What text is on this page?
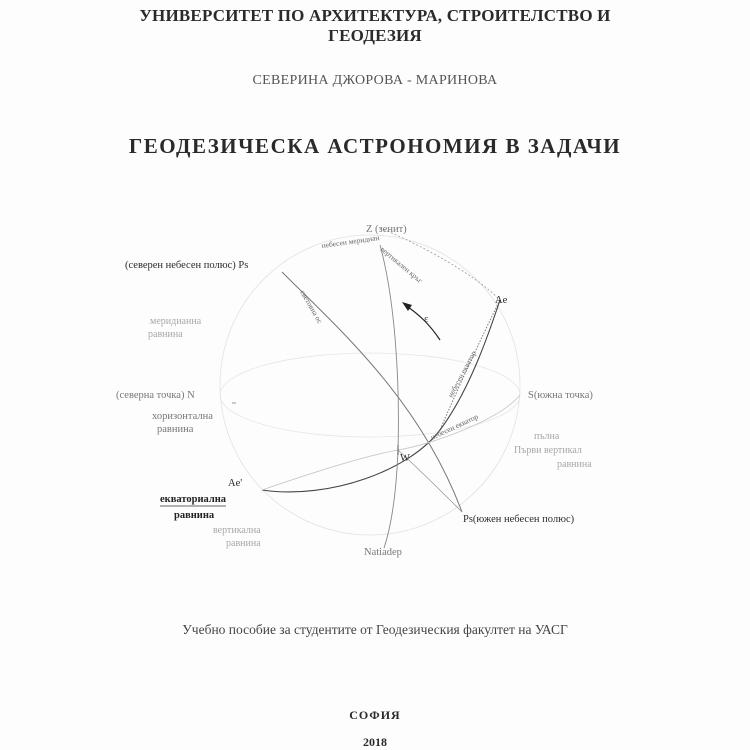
УНИВЕРСИТЕТ ПО АРХИТЕКТУРА, СТРОИТЕЛСТВО И
ГЕОДЕЗИЯ
СЕВЕРИНА ДЖОРОВА - МАРИНОВА
ГЕОДЕЗИЧЕСКА АСТРОНОМИЯ В ЗАДАЧИ
Z (зенит)
(северен небесен полюс) Ps
Ae
ε
меридианна
равнина
(северна точка) N	S(южна точка)
хоризонтална
равнина
W
пълна
Първи вертикал
равнина
Ae'
екваториална
равнина	Ps(южен небесен полюс)
вертикална
равнина
Nаtiadep
небесен меридиан
небесен екватор
небесен екватор
вертикален кръг
световна ос
Учебно пособие за студентите от Геодезическия факултет на УАСГ
СОФИЯ
2018
